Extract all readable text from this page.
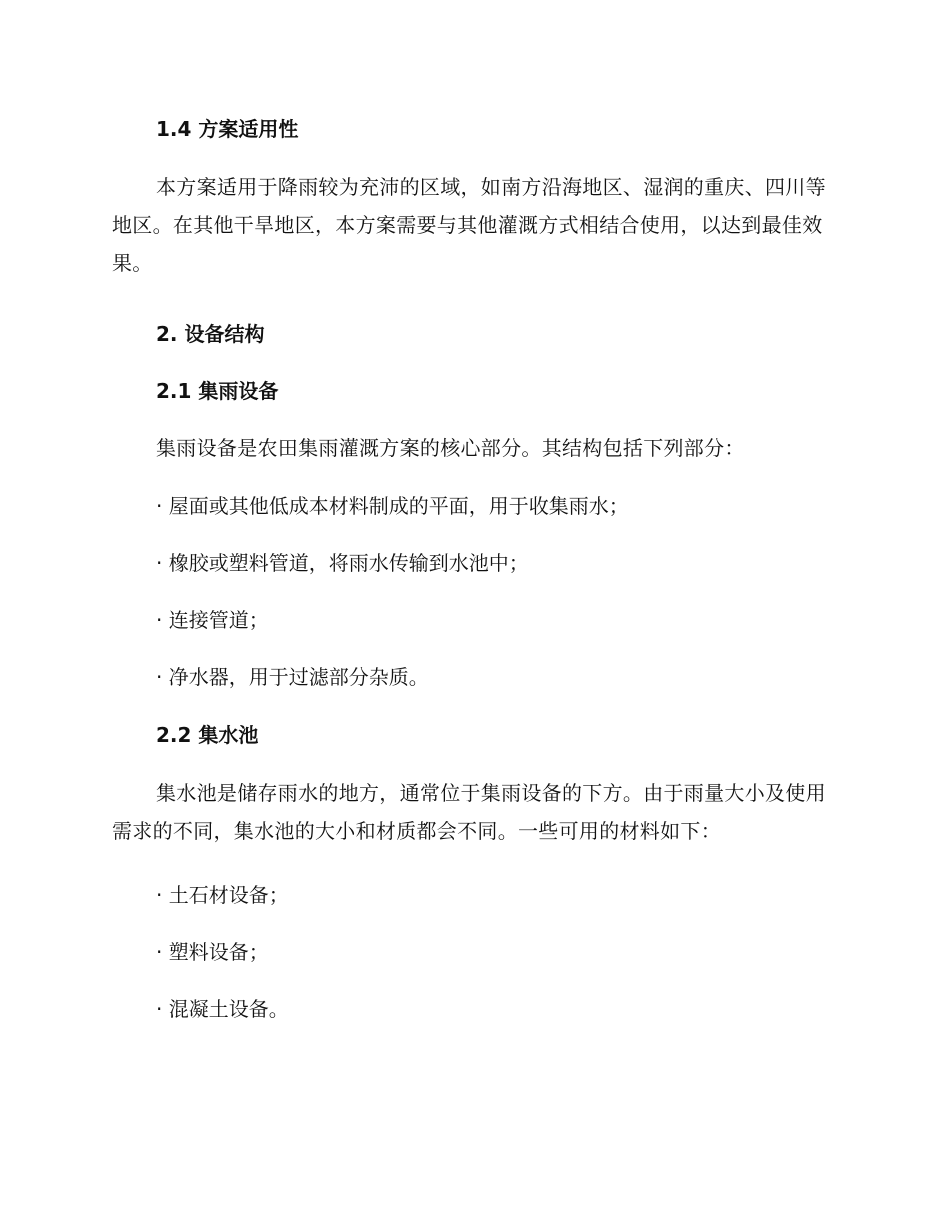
1.4 方案适用性
本方案适用于降雨较为充沛的区域，如南方沿海地区、湿润的重庆、四川等地区。在其他干旱地区，本方案需要与其他灌溉方式相结合使用，以达到最佳效果。
2. 设备结构
2.1 集雨设备
集雨设备是农田集雨灌溉方案的核心部分。其结构包括下列部分：
· 屋面或其他低成本材料制成的平面，用于收集雨水；
· 橡胶或塑料管道，将雨水传输到水池中；
· 连接管道；
· 净水器，用于过滤部分杂质。
2.2 集水池
集水池是储存雨水的地方，通常位于集雨设备的下方。由于雨量大小及使用需求的不同，集水池的大小和材质都会不同。一些可用的材料如下：
· 土石材设备；
· 塑料设备；
· 混凝土设备。
